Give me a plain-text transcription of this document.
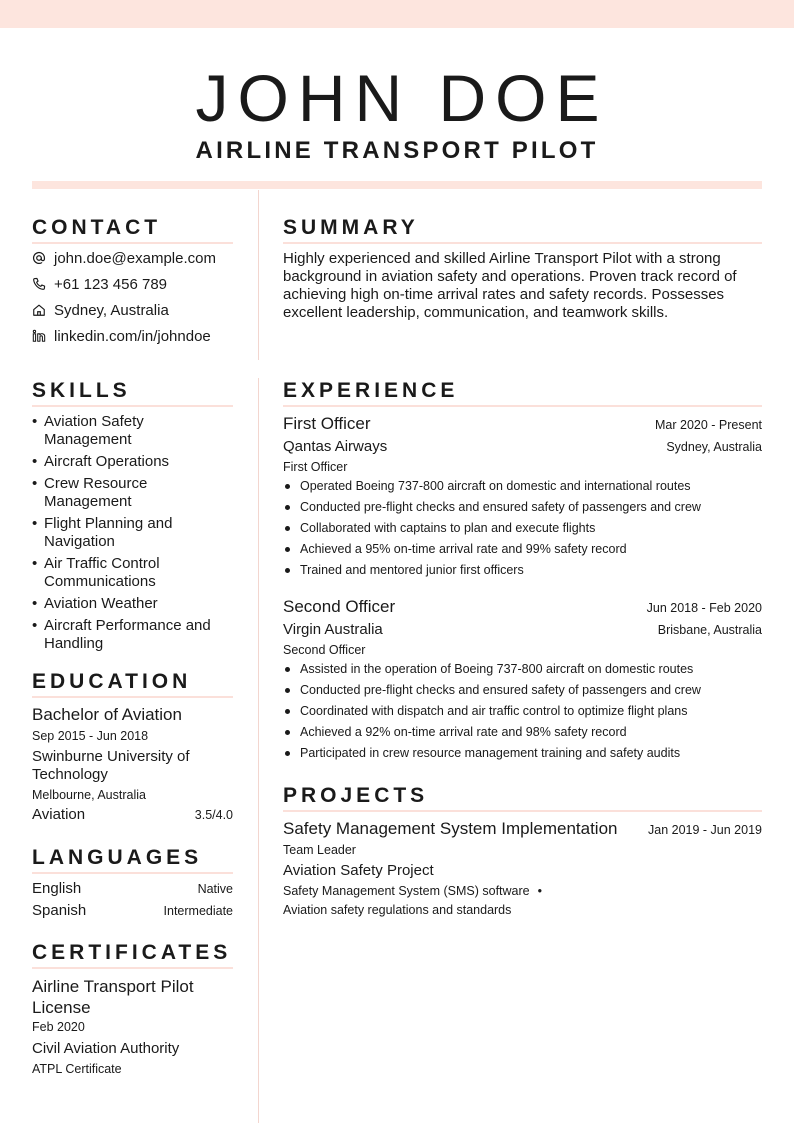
JOHN DOE
AIRLINE TRANSPORT PILOT
CONTACT
john.doe@example.com
+61 123 456 789
Sydney, Australia
linkedin.com/in/johndoe
SKILLS
• Aviation Safety Management
• Aircraft Operations
• Crew Resource Management
• Flight Planning and Navigation
• Air Traffic Control Communications
• Aviation Weather
• Aircraft Performance and Handling
EDUCATION
Bachelor of Aviation
Sep 2015 - Jun 2018
Swinburne University of Technology
Melbourne, Australia
Aviation	3.5/4.0
LANGUAGES
English	Native
Spanish	Intermediate
CERTIFICATES
Airline Transport Pilot License
Feb 2020
Civil Aviation Authority
ATPL Certificate
SUMMARY
Highly experienced and skilled Airline Transport Pilot with a strong background in aviation safety and operations. Proven track record of achieving high on-time arrival rates and safety records. Possesses excellent leadership, communication, and teamwork skills.
EXPERIENCE
First Officer	Mar 2020 - Present
Qantas Airways	Sydney, Australia
First Officer
Operated Boeing 737-800 aircraft on domestic and international routes
Conducted pre-flight checks and ensured safety of passengers and crew
Collaborated with captains to plan and execute flights
Achieved a 95% on-time arrival rate and 99% safety record
Trained and mentored junior first officers
Second Officer	Jun 2018 - Feb 2020
Virgin Australia	Brisbane, Australia
Second Officer
Assisted in the operation of Boeing 737-800 aircraft on domestic routes
Conducted pre-flight checks and ensured safety of passengers and crew
Coordinated with dispatch and air traffic control to optimize flight plans
Achieved a 92% on-time arrival rate and 98% safety record
Participated in crew resource management training and safety audits
PROJECTS
Safety Management System Implementation Jan 2019 - Jun 2019
Team Leader
Aviation Safety Project
Safety Management System (SMS) software •
Aviation safety regulations and standards
